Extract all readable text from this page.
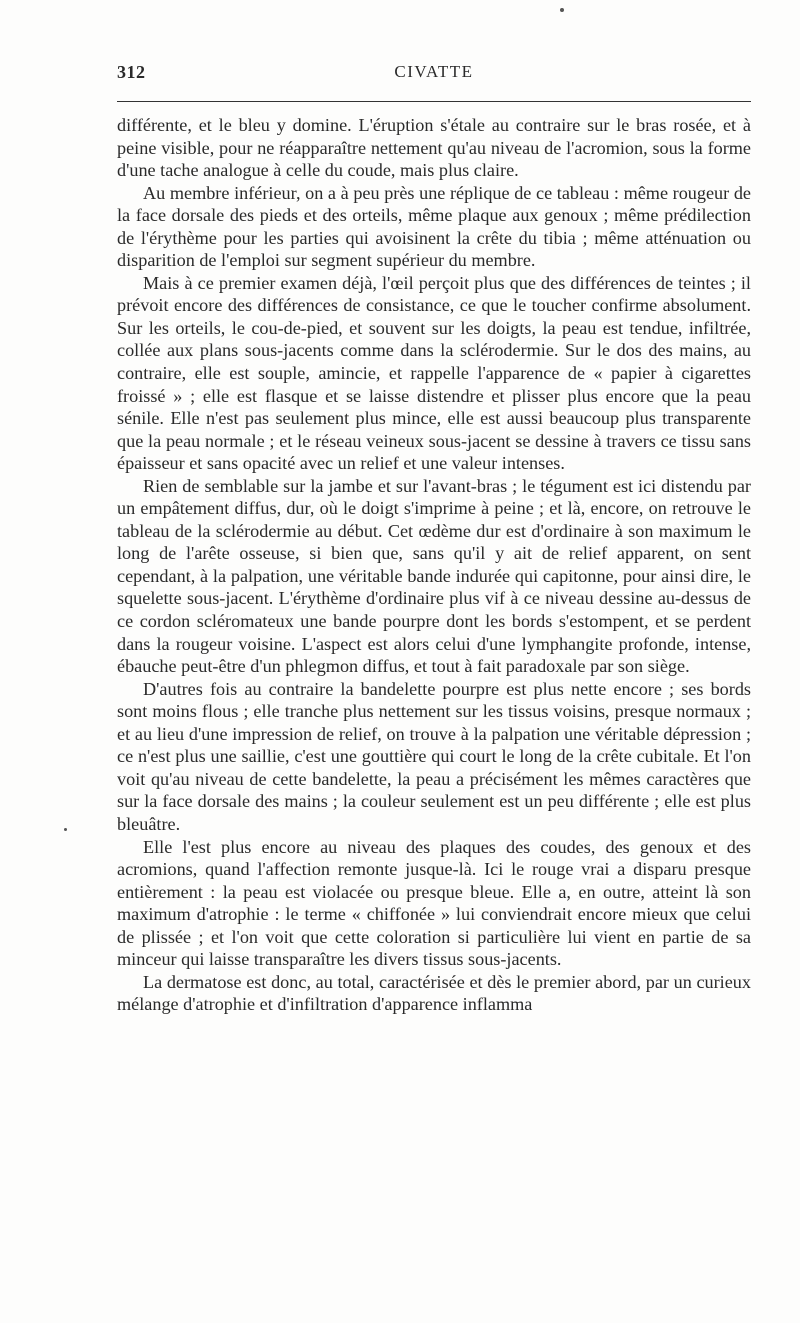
312	CIVATTE

différente, et le bleu y domine. L'éruption s'étale au contraire sur le bras rosée, et à peine visible, pour ne réapparaître nettement qu'au niveau de l'acromion, sous la forme d'une tache analogue à celle du coude, mais plus claire.

Au membre inférieur, on a à peu près une réplique de ce tableau : même rougeur de la face dorsale des pieds et des orteils, même plaque aux genoux ; même prédilection de l'érythème pour les parties qui avoisinent la crête du tibia ; même atténuation ou disparition de l'emploi sur segment supérieur du membre.

Mais à ce premier examen déjà, l'œil perçoit plus que des différences de teintes ; il prévoit encore des différences de consistance, ce que le toucher confirme absolument. Sur les orteils, le cou-de-pied, et souvent sur les doigts, la peau est tendue, infiltrée, collée aux plans sous-jacents comme dans la sclérodermie. Sur le dos des mains, au contraire, elle est souple, amincie, et rappelle l'apparence de « papier à cigarettes froissé » ; elle est flasque et se laisse distendre et plisser plus encore que la peau sénile. Elle n'est pas seulement plus mince, elle est aussi beaucoup plus transparente que la peau normale ; et le réseau veineux sous-jacent se dessine à travers ce tissu sans épaisseur et sans opacité avec un relief et une valeur intenses.

Rien de semblable sur la jambe et sur l'avant-bras ; le tégument est ici distendu par un empâtement diffus, dur, où le doigt s'imprime à peine ; et là, encore, on retrouve le tableau de la sclérodermie au début. Cet œdème dur est d'ordinaire à son maximum le long de l'arête osseuse, si bien que, sans qu'il y ait de relief apparent, on sent cependant, à la palpation, une véritable bande indurée qui capitonne, pour ainsi dire, le squelette sous-jacent. L'érythème d'ordinaire plus vif à ce niveau dessine au-dessus de ce cordon scléromateux une bande pourpre dont les bords s'estompent, et se perdent dans la rougeur voisine. L'aspect est alors celui d'une lymphangite profonde, intense, ébauche peut-être d'un phlegmon diffus, et tout à fait paradoxale par son siège.

D'autres fois au contraire la bandelette pourpre est plus nette encore ; ses bords sont moins flous ; elle tranche plus nettement sur les tissus voisins, presque normaux ; et au lieu d'une impression de relief, on trouve à la palpation une véritable dépression ; ce n'est plus une saillie, c'est une gouttière qui court le long de la crête cubitale. Et l'on voit qu'au niveau de cette bandelette, la peau a précisément les mêmes caractères que sur la face dorsale des mains ; la couleur seulement est un peu différente ; elle est plus bleuâtre.

Elle l'est plus encore au niveau des plaques des coudes, des genoux et des acromions, quand l'affection remonte jusque-là. Ici le rouge vrai a disparu presque entièrement : la peau est violacée ou presque bleue. Elle a, en outre, atteint là son maximum d'atrophie : le terme « chiffonée » lui conviendrait encore mieux que celui de plissée ; et l'on voit que cette coloration si particulière lui vient en partie de sa minceur qui laisse transparaître les divers tissus sous-jacents.

La dermatose est donc, au total, caractérisée et dès le premier abord, par un curieux mélange d'atrophie et d'infiltration d'apparence inflamma
